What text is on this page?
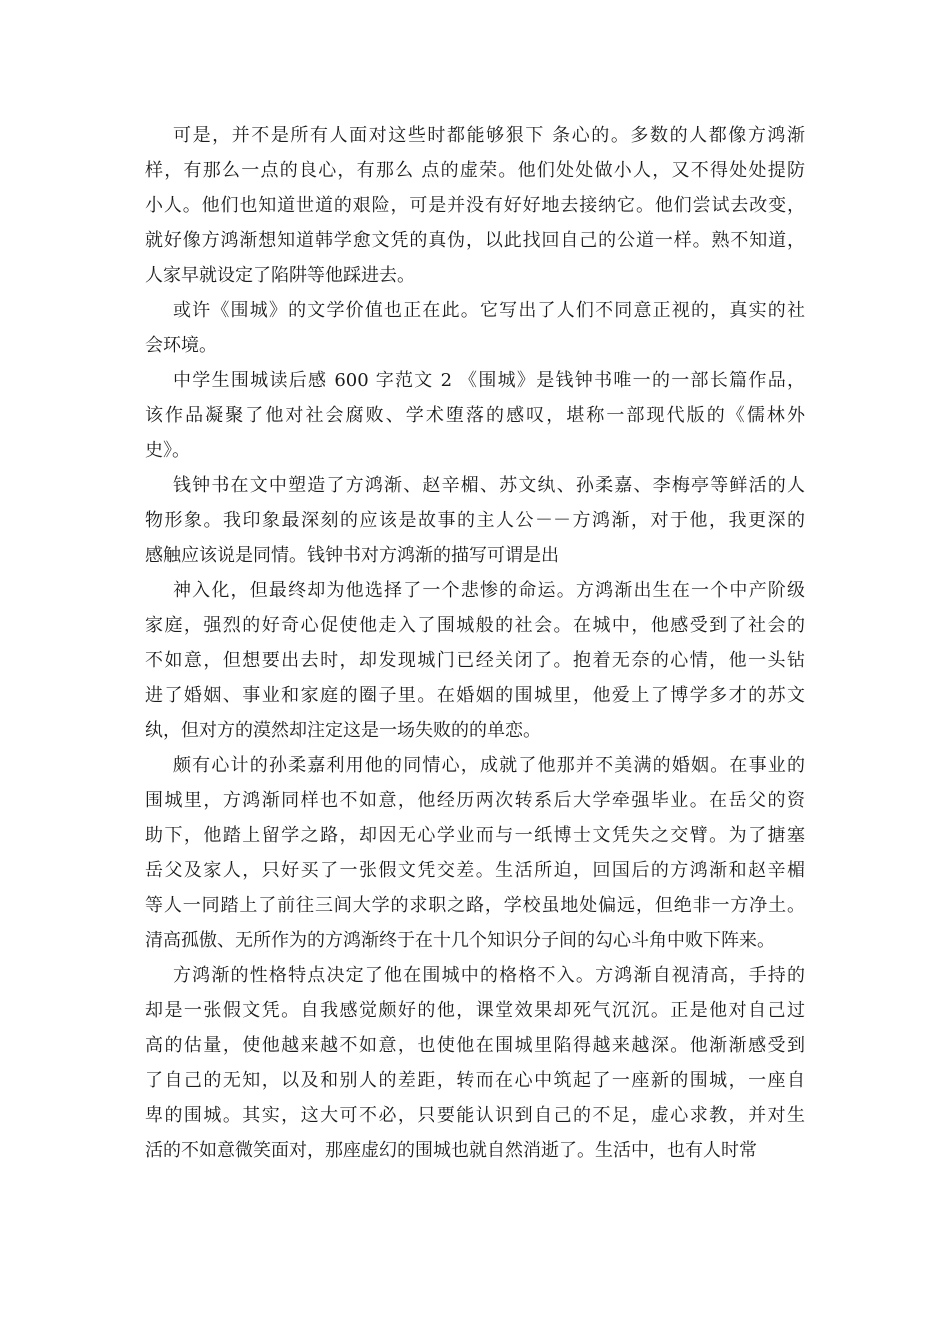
可是，并不是所有人面对这些时都能够狠下 条心的。多数的人都像方鸿渐
样，有那么一点的良心，有那么 点的虚荣。他们处处做小人，又不得处处提防
小人。他们也知道世道的艰险，可是并没有好好地去接纳它。他们尝试去改变，
就好像方鸿渐想知道韩学愈文凭的真伪，以此找回自己的公道一样。熟不知道，
人家早就设定了陷阱等他踩进去。
或许《围城》的文学价值也正在此。它写出了人们不同意正视的，真实的社
会环境。
中学生围城读后感 600 字范文 2 《围城》是钱钟书唯一的一部长篇作品，
该作品凝聚了他对社会腐败、学术堕落的感叹，堪称一部现代版的《儒林外
史》。
钱钟书在文中塑造了方鸿渐、赵辛楣、苏文纨、孙柔嘉、李梅亭等鲜活的人
物形象。我印象最深刻的应该是故事的主人公－－方鸿渐，对于他，我更深的
感触应该说是同情。钱钟书对方鸿渐的描写可谓是出
神入化，但最终却为他选择了一个悲惨的命运。方鸿渐出生在一个中产阶级
家庭，强烈的好奇心促使他走入了围城般的社会。在城中，他感受到了社会的
不如意，但想要出去时，却发现城门已经关闭了。抱着无奈的心情，他一头钻
进了婚姻、事业和家庭的圈子里。在婚姻的围城里，他爱上了博学多才的苏文
纨，但对方的漠然却注定这是一场失败的的单恋。
颇有心计的孙柔嘉利用他的同情心，成就了他那并不美满的婚姻。在事业的
围城里，方鸿渐同样也不如意，他经历两次转系后大学牵强毕业。在岳父的资
助下，他踏上留学之路，却因无心学业而与一纸博士文凭失之交臂。为了搪塞
岳父及家人，只好买了一张假文凭交差。生活所迫，回国后的方鸿渐和赵辛楣
等人一同踏上了前往三闾大学的求职之路，学校虽地处偏远，但绝非一方净土。
清高孤傲、无所作为的方鸿渐终于在十几个知识分子间的勾心斗角中败下阵来。
方鸿渐的性格特点决定了他在围城中的格格不入。方鸿渐自视清高，手持的
却是一张假文凭。自我感觉颇好的他，课堂效果却死气沉沉。正是他对自己过
高的估量，使他越来越不如意，也使他在围城里陷得越来越深。他渐渐感受到
了自己的无知，以及和别人的差距，转而在心中筑起了一座新的围城，一座自
卑的围城。其实，这大可不必，只要能认识到自己的不足，虚心求教，并对生
活的不如意微笑面对，那座虚幻的围城也就自然消逝了。生活中，也有人时常
